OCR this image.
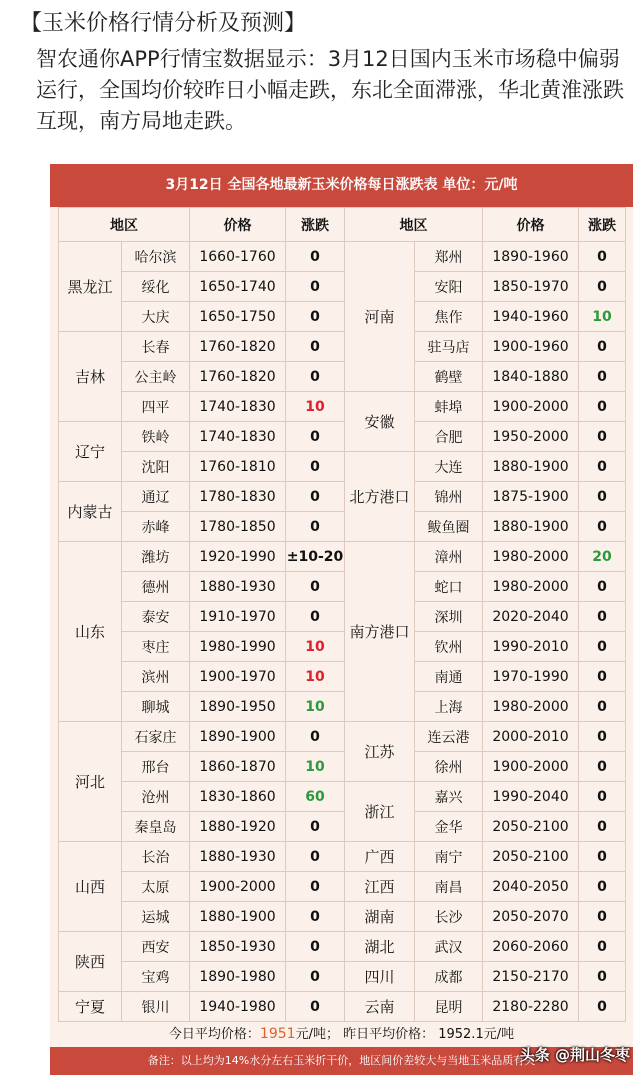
【玉米价格行情分析及预测】
智农通你APP行情宝数据显示：3月12日国内玉米市场稳中偏弱运行，全国均价较昨日小幅走跌，东北全面滞涨，华北黄淮涨跌互现，南方局地走跌。
3月12日 全国各地最新玉米价格每日涨跌表 单位：元/吨
地区		价格	涨跌	地区		价格	涨跌
黑龙江	哈尔滨	1660-1760	0	河南	郑州	1890-1960	0
	绥化	1650-1740	0		安阳	1850-1970	0
	大庆	1650-1750	0		焦作	1940-1960	10
吉林	长春	1760-1820	0		驻马店	1900-1960	0
	公主岭	1760-1820	0		鹤壁	1840-1880	0
	四平	1740-1830	10	安徽	蚌埠	1900-2000	0
辽宁	铁岭	1740-1830	0		合肥	1950-2000	0
	沈阳	1760-1810	0	北方港口	大连	1880-1900	0
内蒙古	通辽	1780-1830	0		锦州	1875-1900	0
	赤峰	1780-1850	0		鲅鱼圈	1880-1900	0
山东	潍坊	1920-1990	±10-20	南方港口	漳州	1980-2000	20
	德州	1880-1930	0		蛇口	1980-2000	0
	泰安	1910-1970	0		深圳	2020-2040	0
	枣庄	1980-1990	10		钦州	1990-2010	0
	滨州	1900-1970	10		南通	1970-1990	0
	聊城	1890-1950	10		上海	1980-2000	0
河北	石家庄	1890-1900	0	江苏	连云港	2000-2010	0
	邢台	1860-1870	10		徐州	1900-2000	0
	沧州	1830-1860	60	浙江	嘉兴	1990-2040	0
	秦皇岛	1880-1920	0		金华	2050-2100	0
山西	长治	1880-1930	0	广西	南宁	2050-2100	0
	太原	1900-2000	0	江西	南昌	2040-2050	0
	运城	1880-1900	0	湖南	长沙	2050-2070	0
陕西	西安	1850-1930	0	湖北	武汉	2060-2060	0
	宝鸡	1890-1980	0	四川	成都	2150-2170	0
宁夏	银川	1940-1980	0	云南	昆明	2180-2280	0
今日平均价格：1951元/吨； 昨日平均价格： 1952.1元/吨
备注：以上均为14%水分左右玉米折干价，地区间价差较大与当地玉米品质有关
头条 @荆山冬枣
